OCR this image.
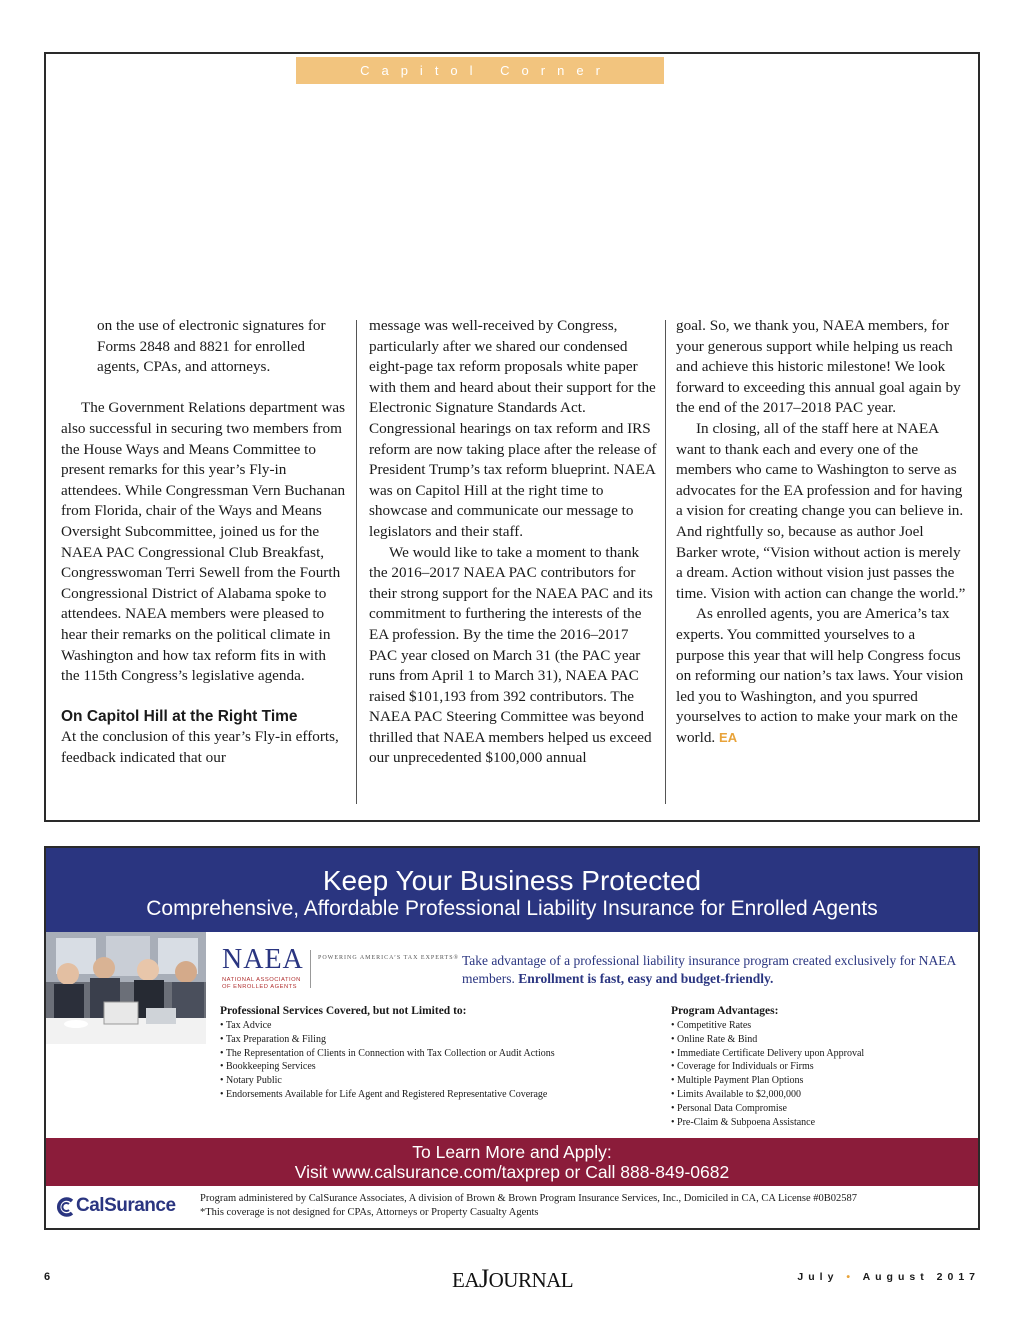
Capitol Corner

on the use of electronic signatures for Forms 2848 and 8821 for enrolled agents, CPAs, and attorneys.

The Government Relations department was also successful in securing two members from the House Ways and Means Committee to present remarks for this year’s Fly-in attendees. While Congressman Vern Buchanan from Florida, chair of the Ways and Means Oversight Subcommittee, joined us for the NAEA PAC Congressional Club Breakfast, Congresswoman Terri Sewell from the Fourth Congressional District of Alabama spoke to attendees. NAEA members were pleased to hear their remarks on the political climate in Washington and how tax reform fits in with the 115th Congress’s legislative agenda.

On Capitol Hill at the Right Time

At the conclusion of this year’s Fly-in efforts, feedback indicated that our

message was well-received by Congress, particularly after we shared our condensed eight-page tax reform proposals white paper with them and heard about their support for the Electronic Signature Standards Act. Congressional hearings on tax reform and IRS reform are now taking place after the release of President Trump’s tax reform blueprint. NAEA was on Capitol Hill at the right time to showcase and communicate our message to legislators and their staff.

We would like to take a moment to thank the 2016–2017 NAEA PAC contributors for their strong support for the NAEA PAC and its commitment to furthering the interests of the EA profession. By the time the 2016–2017 PAC year closed on March 31 (the PAC year runs from April 1 to March 31), NAEA PAC raised $101,193 from 392 contributors. The NAEA PAC Steering Committee was beyond thrilled that NAEA members helped us exceed our unprecedented $100,000 annual

goal. So, we thank you, NAEA members, for your generous support while helping us reach and achieve this historic milestone! We look forward to exceeding this annual goal again by the end of the 2017–2018 PAC year.

In closing, all of the staff here at NAEA want to thank each and every one of the members who came to Washington to serve as advocates for the EA profession and for having a vision for creating change you can believe in. And rightfully so, because as author Joel Barker wrote, “Vision without action is merely a dream. Action without vision just passes the time. Vision with action can change the world.”

As enrolled agents, you are America’s tax experts. You committed yourselves to a purpose this year that will help Congress focus on reforming our nation’s tax laws. Your vision led you to Washington, and you spurred yourselves to action to make your mark on the world. EA

Keep Your Business Protected
Comprehensive, Affordable Professional Liability Insurance for Enrolled Agents
NAEA
NATIONAL ASSOCIATION
OF ENROLLED AGENTS
POWERING AMERICA’S TAX EXPERTS® Take advantage of a professional liability insurance program created exclusively for NAEA members. Enrollment is fast, easy and budget-friendly.
Professional Services Covered, but not Limited to:
• Tax Advice
• Tax Preparation & Filing
• The Representation of Clients in Connection with Tax Collection or Audit Actions
• Bookkeeping Services
• Notary Public
• Endorsements Available for Life Agent and Registered Representative Coverage
Program Advantages:
• Competitive Rates
• Online Rate & Bind
• Immediate Certificate Delivery upon Approval
• Coverage for Individuals or Firms
• Multiple Payment Plan Options
• Limits Available to $2,000,000
• Personal Data Compromise
• Pre-Claim & Subpoena Assistance
To Learn More and Apply:
Visit www.calsurance.com/taxprep or Call 888-849-0682
CalSurance Program administered by CalSurance Associates, A division of Brown & Brown Program Insurance Services, Inc., Domiciled in CA, CA License #0B02587
*This coverage is not designed for CPAs, Attorneys or Property Casualty Agents
6	EAJOURNAL	July • August 2017
